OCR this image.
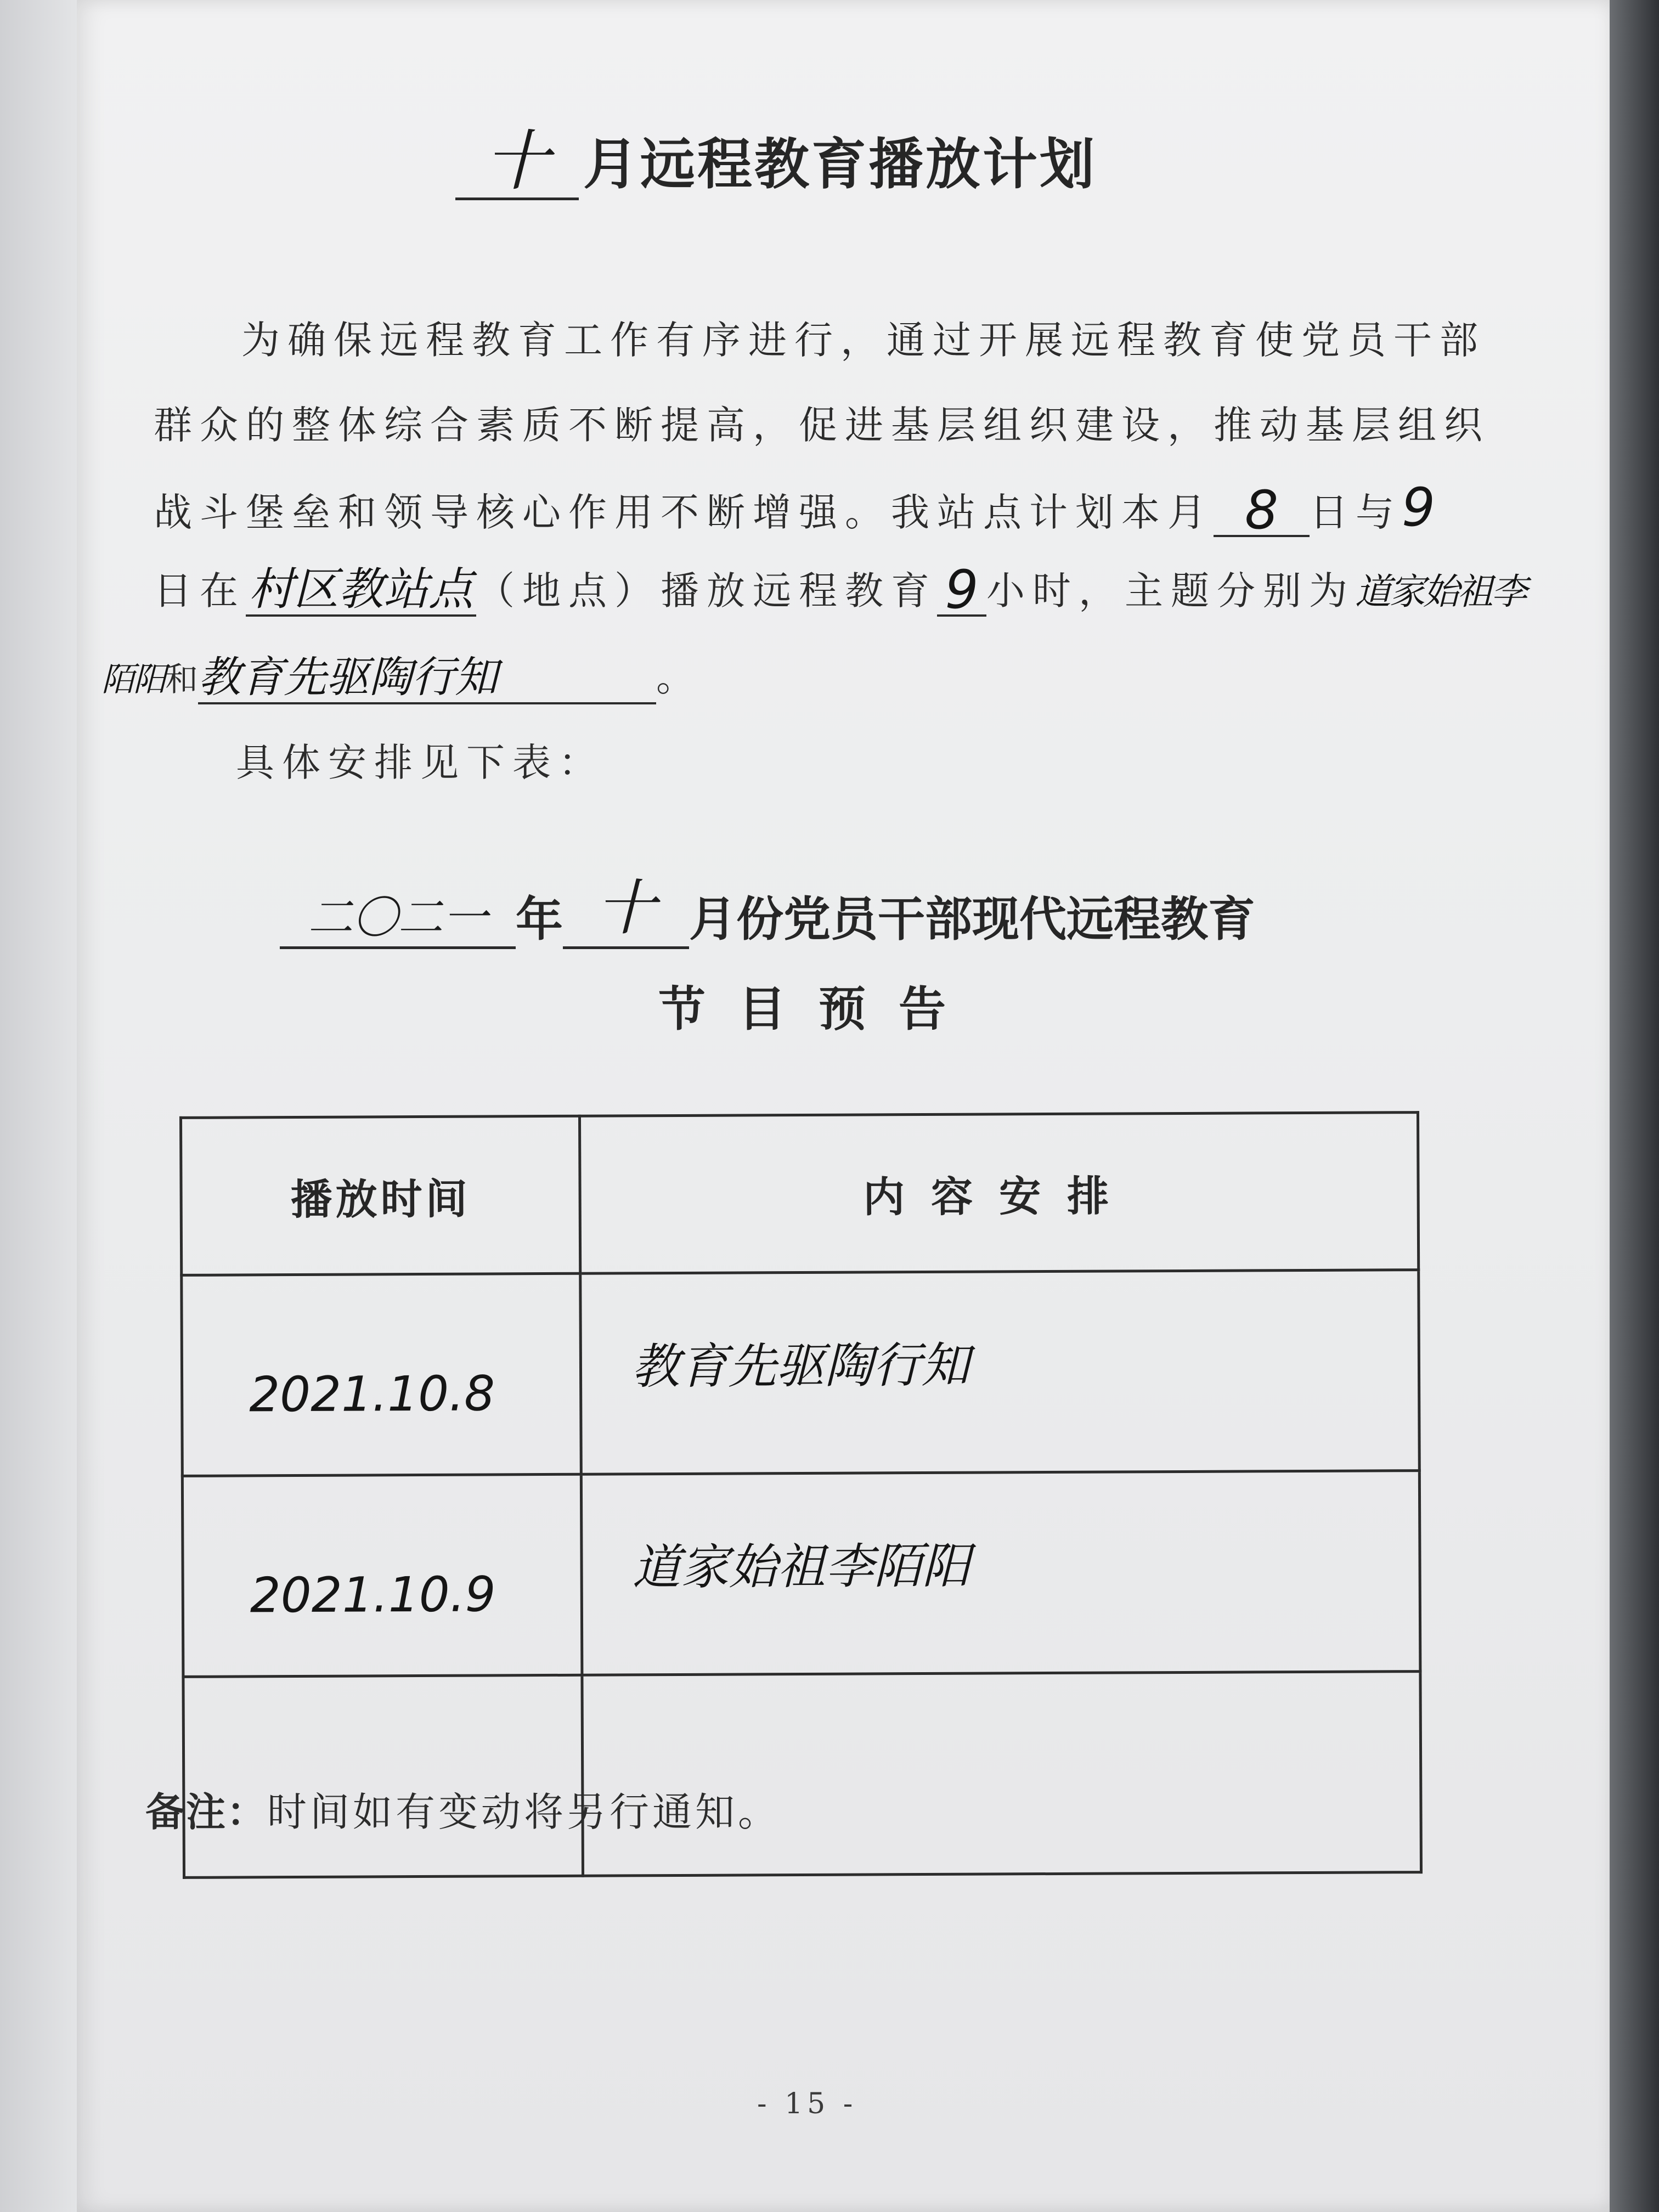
十 月远程教育播放计划
为确保远程教育工作有序进行，通过开展远程教育使党员干部
群众的整体综合素质不断提高，促进基层组织建设，推动基层组织
战斗堡垒和领导核心作用不断增强。我站点计划本月 8 日与9
日在村区教站点（地点）播放远程教育 9 小时，主题分别为道家始祖李
陌阳和教育先驱陶行知	。
具体安排见下表：
二〇二一 年 十 月份党员干部现代远程教育
节目预告
播放时间	内容安排
2021.10.8	教育先驱陶行知
2021.10.9	道家始祖李陌阳

备注：时间如有变动将另行通知。
- 15 -
